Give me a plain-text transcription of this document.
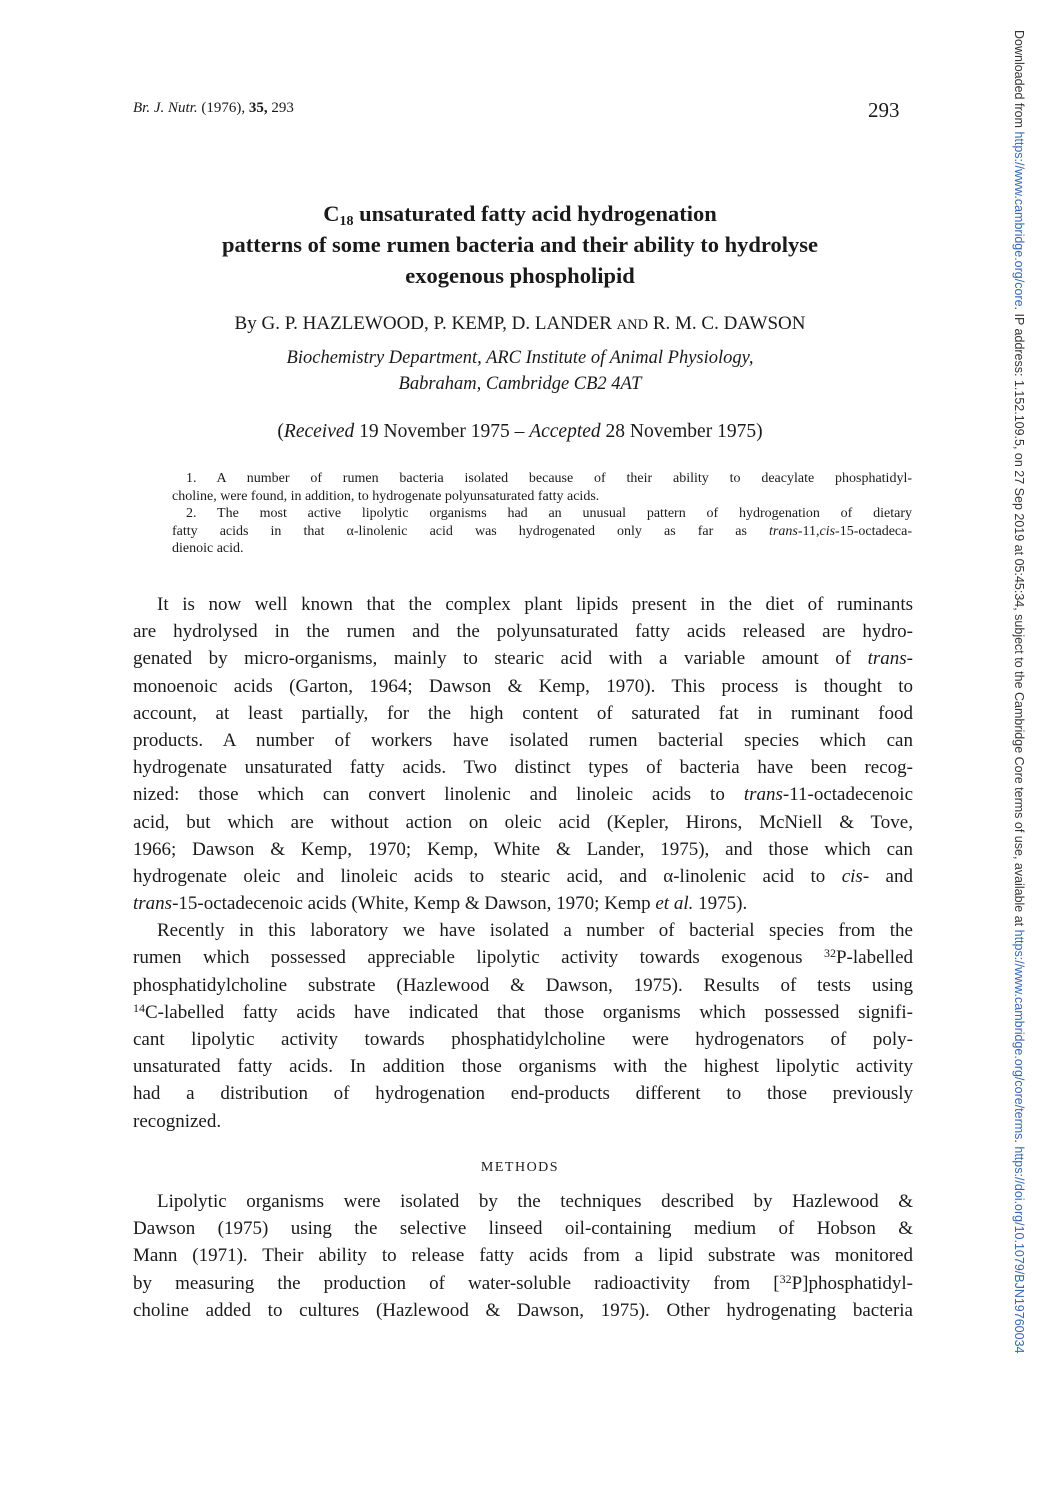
Br. J. Nutr. (1976), 35, 293	293
$C_{18}$ unsaturated fatty acid hydrogenation
patterns of some rumen bacteria and their ability to hydrolyse
exogenous phospholipid
By G. P. HAZLEWOOD, P. KEMP, D. LANDER AND R. M. C. DAWSON
Biochemistry Department, ARC Institute of Animal Physiology,
Babraham, Cambridge CB2 4AT
(Received 19 November 1975 – Accepted 28 November 1975)
1. A number of rumen bacteria isolated because of their ability to deacylate phosphatidyl-
choline, were found, in addition, to hydrogenate polyunsaturated fatty acids.
2. The most active lipolytic organisms had an unusual pattern of hydrogenation of dietary
fatty acids in that α-linolenic acid was hydrogenated only as far as trans-11,cis-15-octadeca-
dienoic acid.
It is now well known that the complex plant lipids present in the diet of ruminants
are hydrolysed in the rumen and the polyunsaturated fatty acids released are hydro-
genated by micro-organisms, mainly to stearic acid with a variable amount of trans-
monoenoic acids (Garton, 1964; Dawson & Kemp, 1970). This process is thought to
account, at least partially, for the high content of saturated fat in ruminant food
products. A number of workers have isolated rumen bacterial species which can
hydrogenate unsaturated fatty acids. Two distinct types of bacteria have been recog-
nized: those which can convert linolenic and linoleic acids to trans-11-octadecenoic
acid, but which are without action on oleic acid (Kepler, Hirons, McNiell & Tove,
1966; Dawson & Kemp, 1970; Kemp, White & Lander, 1975), and those which can
hydrogenate oleic and linoleic acids to stearic acid, and α-linolenic acid to cis- and
trans-15-octadecenoic acids (White, Kemp & Dawson, 1970; Kemp et al. 1975).
Recently in this laboratory we have isolated a number of bacterial species from the
rumen which possessed appreciable lipolytic activity towards exogenous $^{32}$P-labelled
phosphatidylcholine substrate (Hazlewood & Dawson, 1975). Results of tests using
$^{14}$C-labelled fatty acids have indicated that those organisms which possessed signifi-
cant lipolytic activity towards phosphatidylcholine were hydrogenators of poly-
unsaturated fatty acids. In addition those organisms with the highest lipolytic activity
had a distribution of hydrogenation end-products different to those previously
recognized.
METHODS
Lipolytic organisms were isolated by the techniques described by Hazlewood &
Dawson (1975) using the selective linseed oil-containing medium of Hobson &
Mann (1971). Their ability to release fatty acids from a lipid substrate was monitored
by measuring the production of water-soluble radioactivity from [$^{32}$P]phosphatidyl-
choline added to cultures (Hazlewood & Dawson, 1975). Other hydrogenating bacteria
Downloaded from https://www.cambridge.org/core. IP address: 1.152.109.5, on 27 Sep 2019 at 05:45:34, subject to the Cambridge Core terms of use, available at https://www.cambridge.org/core/terms. https://doi.org/10.1079/BJN19760034
